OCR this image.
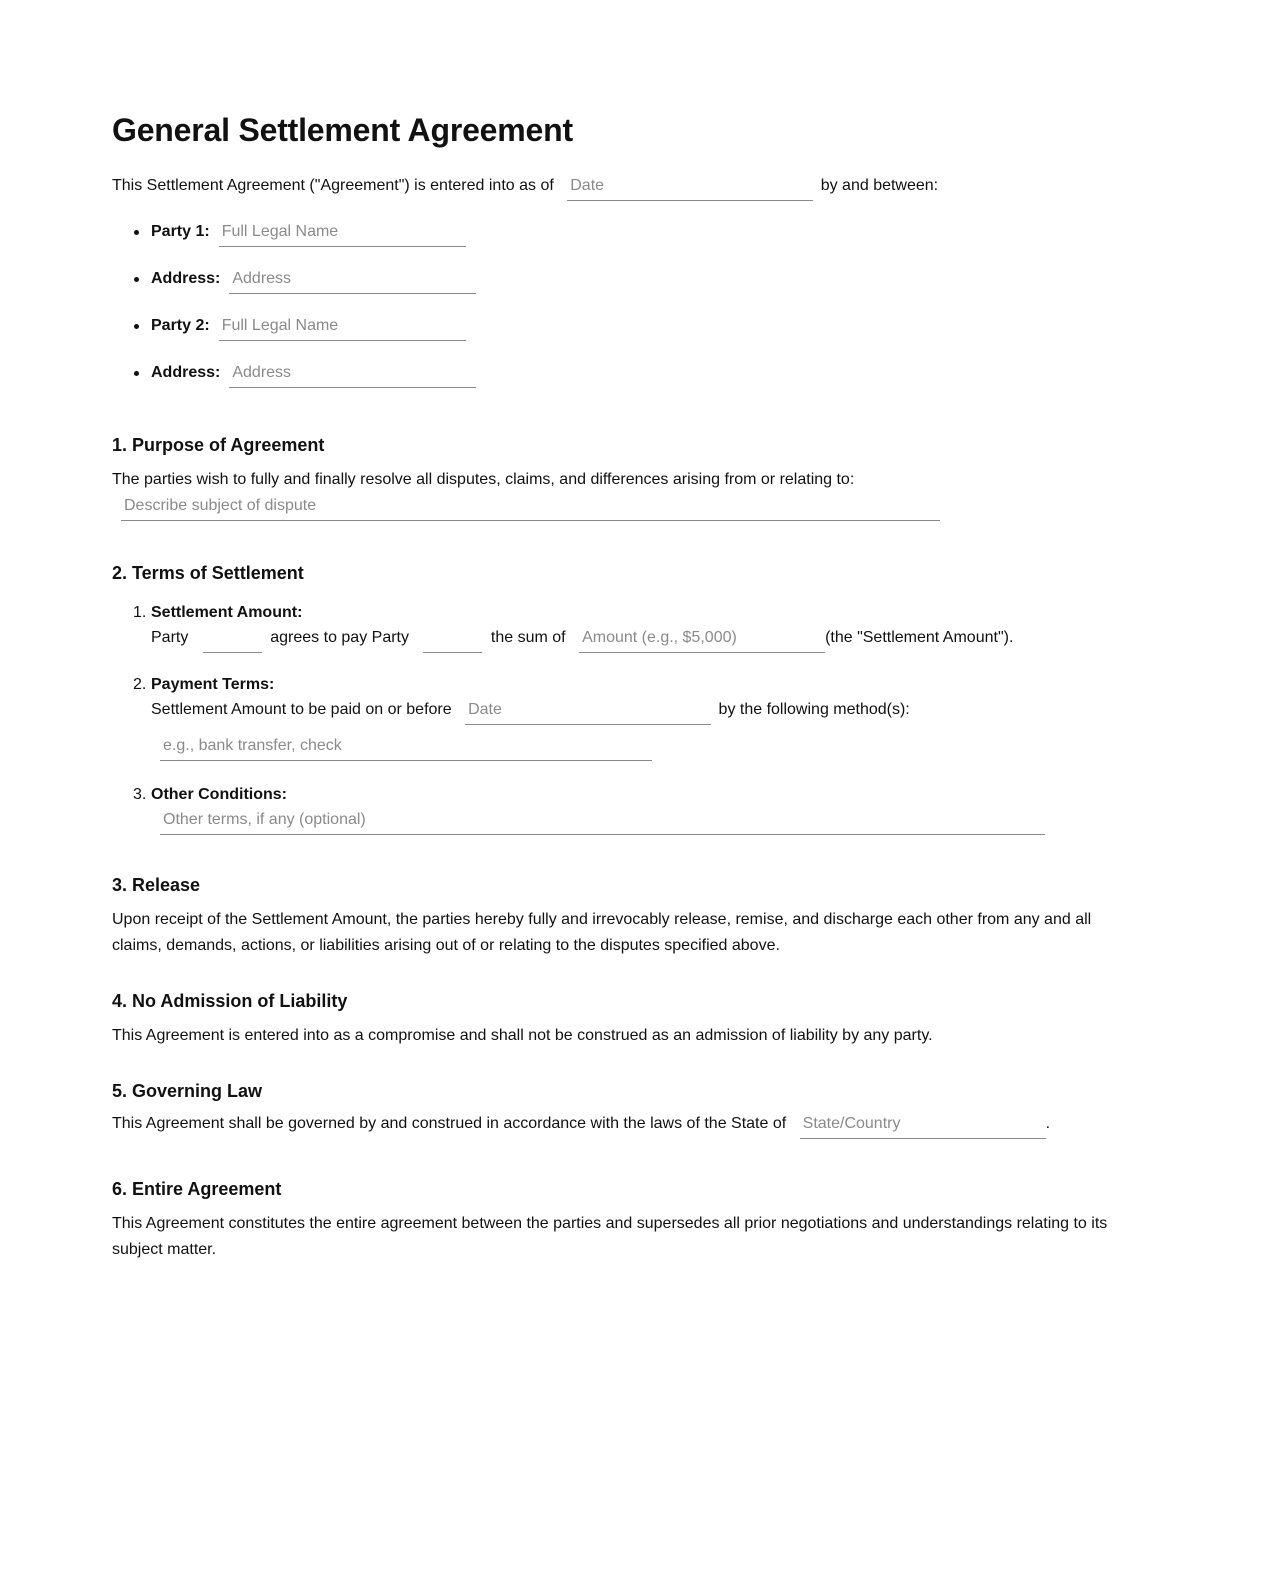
General Settlement Agreement
This Settlement Agreement ("Agreement") is entered into as of Date	by and between:
Party 1:Full Legal Name
Address:Address
Party 2:Full Legal Name
Address:Address
1. Purpose of Agreement

The parties wish to fully and finally resolve all disputes, claims, and differences arising from or relating to:

Describe subject of dispute
2. Terms of Settlement
1. Settlement Amount:
Party	agrees to pay Party	the sum of Amount (e.g., $5,000)	(the "Settlement Amount").
2. Payment Terms:
Settlement Amount to be paid on or before Date	by the following method(s):
e.g., bank transfer, check
3. Other Conditions:
Other terms, if any (optional)
3. Release

Upon receipt of the Settlement Amount, the parties hereby fully and irrevocably release, remise, and discharge each other from any and all claims, demands, actions, or liabilities arising out of or relating to the disputes specified above.

4. No Admission of Liability

This Agreement is entered into as a compromise and shall not be construed as an admission of liability by any party.

5. Governing Law
This Agreement shall be governed by and construed in accordance with the laws of the State of State/Country	.
6. Entire Agreement

This Agreement constitutes the entire agreement between the parties and supersedes all prior negotiations and understandings relating to its subject matter.
